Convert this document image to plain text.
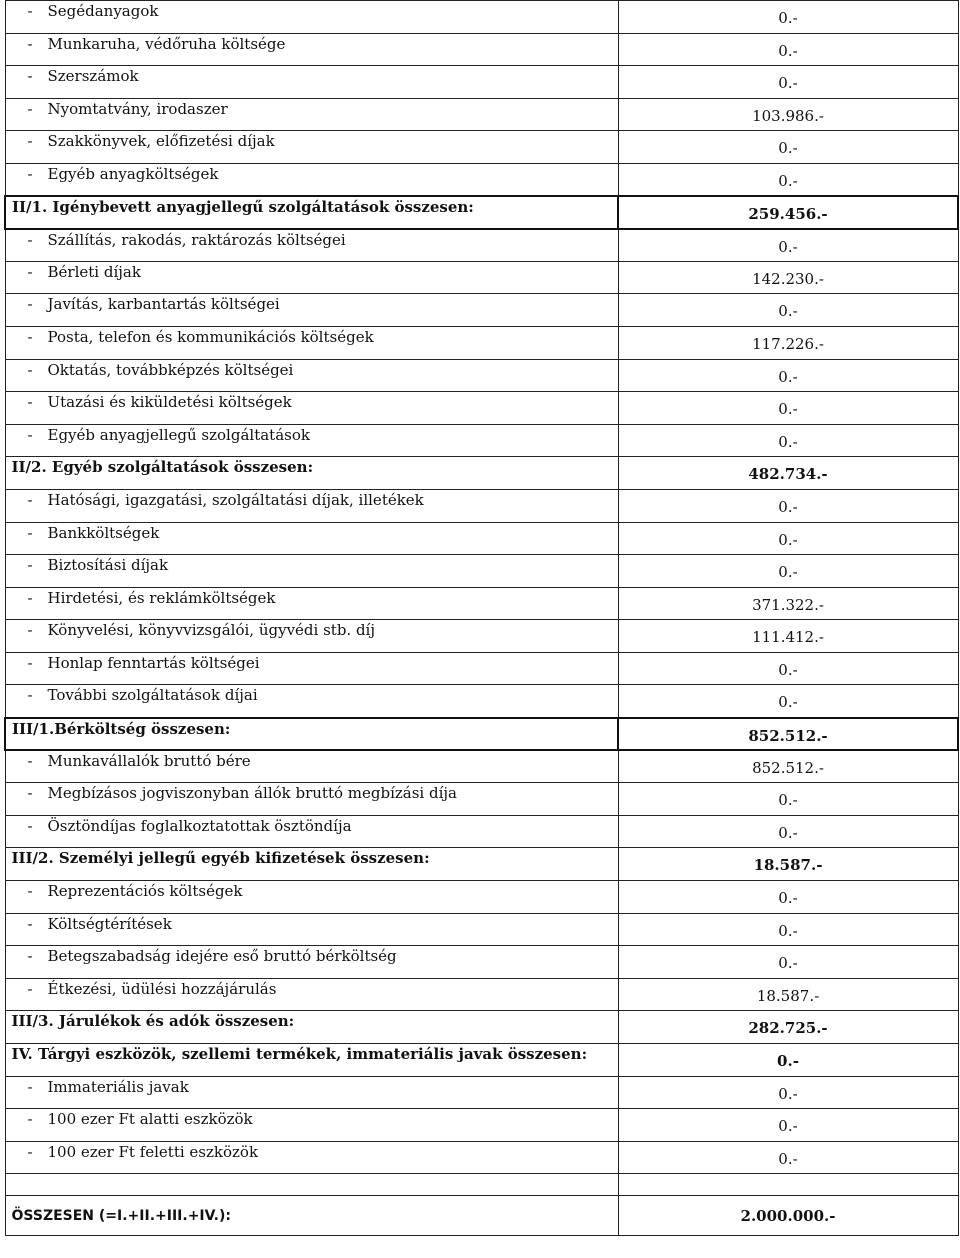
- Segédanyagok	0.-
- Munkaruha, védőruha költsége	0.-
- Szerszámok	0.-
- Nyomtatvány, irodaszer	103.986.-
- Szakkönyvek, előfizetési díjak	0.-
- Egyéb anyagköltségek	0.-
II/1. Igénybevett anyagjellegű szolgáltatások összesen:	259.456.-
- Szállítás, rakodás, raktározás költségei	0.-
- Bérleti díjak	142.230.-
- Javítás, karbantartás költségei	0.-
- Posta, telefon és kommunikációs költségek	117.226.-
- Oktatás, továbbképzés költségei	0.-
- Utazási és kiküldetési költségek	0.-
- Egyéb anyagjellegű szolgáltatások	0.-
II/2. Egyéb szolgáltatások összesen:	482.734.-
- Hatósági, igazgatási, szolgáltatási díjak, illetékek	0.-
- Bankköltségek	0.-
- Biztosítási díjak	0.-
- Hirdetési, és reklámköltségek	371.322.-
- Könyvelési, könyvvizsgálói, ügyvédi stb. díj	111.412.-
- Honlap fenntartás költségei	0.-
- További szolgáltatások díjai	0.-
III/1.Bérköltség összesen:	852.512.-
- Munkavállalók bruttó bére	852.512.-
- Megbízásos jogviszonyban állók bruttó megbízási díja	0.-
- Ösztöndíjas foglalkoztatottak ösztöndíja	0.-
III/2. Személyi jellegű egyéb kifizetések összesen:	18.587.-
- Reprezentációs költségek	0.-
- Költségtérítések	0.-
- Betegszabadság idejére eső bruttó bérköltség	0.-
- Étkezési, üdülési hozzájárulás	18.587.-
III/3. Járulékok és adók összesen:	282.725.-
IV. Tárgyi eszközök, szellemi termékek, immateriális javak összesen:	0.-
- Immateriális javak	0.-
- 100 ezer Ft alatti eszközök	0.-
- 100 ezer Ft feletti eszközök	0.-

ÖSSZESEN (=I.+II.+III.+IV.):	2.000.000.-
